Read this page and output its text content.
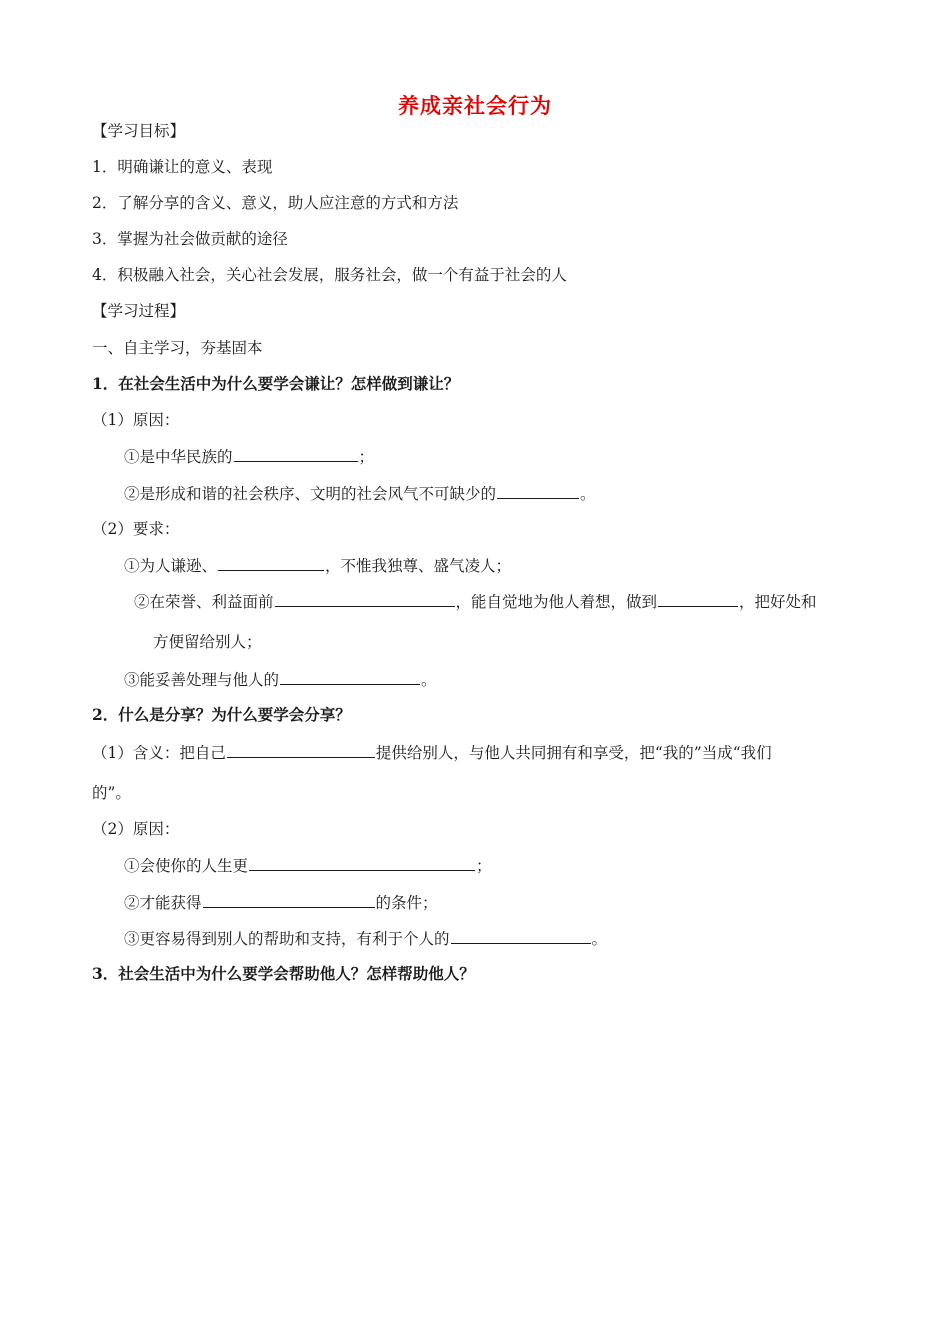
养成亲社会行为
【学习目标】
1．明确谦让的意义、表现
2．了解分享的含义、意义，助人应注意的方式和方法
3．掌握为社会做贡献的途径
4．积极融入社会，关心社会发展，服务社会，做一个有益于社会的人
【学习过程】
一、自主学习，夯基固本
1．在社会生活中为什么要学会谦让？怎样做到谦让？
（1）原因：
①是中华民族的	；
②是形成和谐的社会秩序、文明的社会风气不可缺少的	。
（2）要求：
①为人谦逊、	，不惟我独尊、盛气凌人；
②在荣誉、利益面前	，能自觉地为他人着想，做到	，把好处和
方便留给别人；
③能妥善处理与他人的	。
2．什么是分享？为什么要学会分享？
（1）含义：把自己	提供给别人，与他人共同拥有和享受，把“我的”当成“我们
的”。
（2）原因：
①会使你的人生更	；
②才能获得	的条件；
③更容易得到别人的帮助和支持，有利于个人的	。
3．社会生活中为什么要学会帮助他人？怎样帮助他人？
